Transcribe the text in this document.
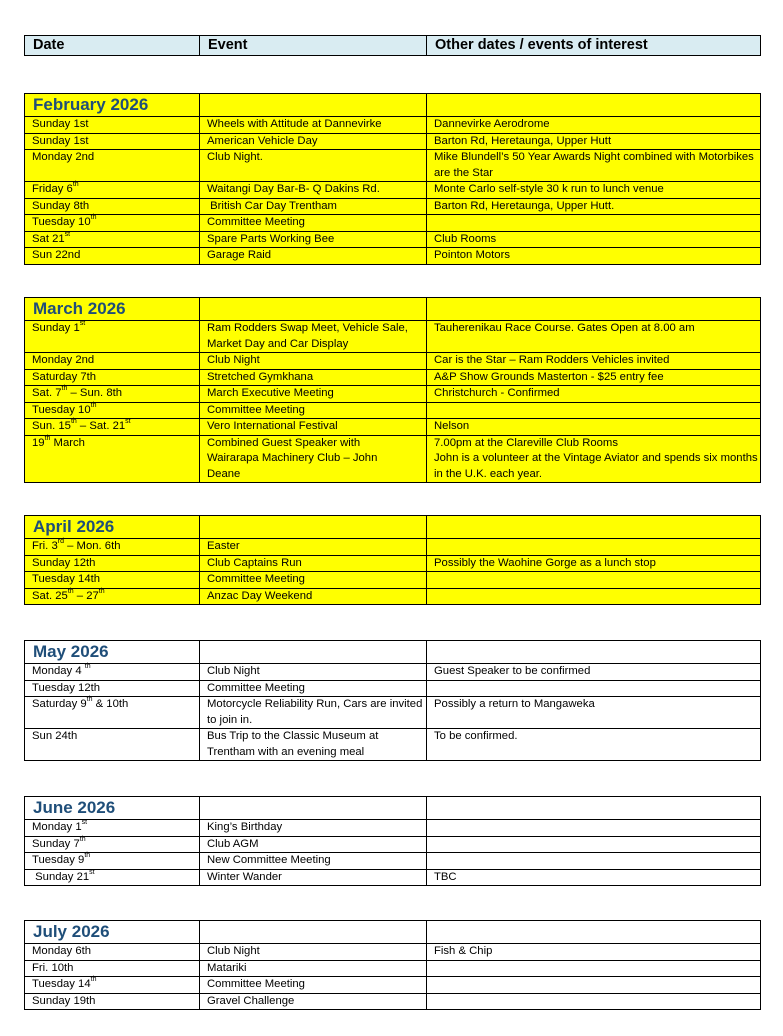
Date	Event	Other dates / events of interest
February 2026		
Sunday 1st	Wheels with Attitude at Dannevirke	Dannevirke Aerodrome
Sunday 1st	American Vehicle Day	Barton Rd, Heretaunga, Upper Hutt
Monday 2nd	Club Night.	Mike Blundell’s 50 Year Awards Night combined with Motorbikes are the Star
Friday 6th	Waitangi Day Bar-B- Q Dakins Rd.	Monte Carlo self-style 30 k run to lunch venue
Sunday 8th	British Car Day Trentham	Barton Rd, Heretaunga, Upper Hutt.
Tuesday 10th	Committee Meeting	
Sat 21st	Spare Parts Working Bee	Club Rooms
Sun 22nd	Garage Raid	Pointon Motors
March 2026		
Sunday 1st	Ram Rodders Swap Meet, Vehicle Sale, Market Day and Car Display	Tauherenikau Race Course. Gates Open at 8.00 am
Monday 2nd	Club Night	Car is the Star – Ram Rodders Vehicles invited
Saturday 7th	Stretched Gymkhana	A&P Show Grounds Masterton - $25 entry fee
Sat. 7th – Sun. 8th	March Executive Meeting	Christchurch - Confirmed
Tuesday 10th	Committee Meeting	
Sun. 15th – Sat. 21st	Vero International Festival	Nelson
19th March	Combined Guest Speaker with Wairarapa Machinery Club – John Deane	7.00pm at the Clareville Club Rooms
John is a volunteer at the Vintage Aviator and spends six months in the U.K. each year.
April 2026		
Fri. 3rd – Mon. 6th	Easter	
Sunday 12th	Club Captains Run	Possibly the Waohine Gorge as a lunch stop
Tuesday 14th	Committee Meeting	
Sat. 25th – 27th	Anzac Day Weekend	
May 2026		
Monday 4 $^{th}$	Club Night	Guest Speaker to be confirmed
Tuesday 12th	Committee Meeting	
Saturday 9th & 10th	Motorcycle Reliability Run, Cars are invited to join in.	Possibly a return to Mangaweka
Sun 24th	Bus Trip to the Classic Museum at Trentham with an evening meal	To be confirmed.
June 2026		
Monday 1st	King’s Birthday	
Sunday 7th	Club AGM	
Tuesday 9th	New Committee Meeting	
Sunday 21st	Winter Wander	TBC
July 2026		
Monday 6th	Club Night	Fish & Chip
Fri. 10th	Matariki	
Tuesday 14th	Committee Meeting	
Sunday 19th	Gravel Challenge	
